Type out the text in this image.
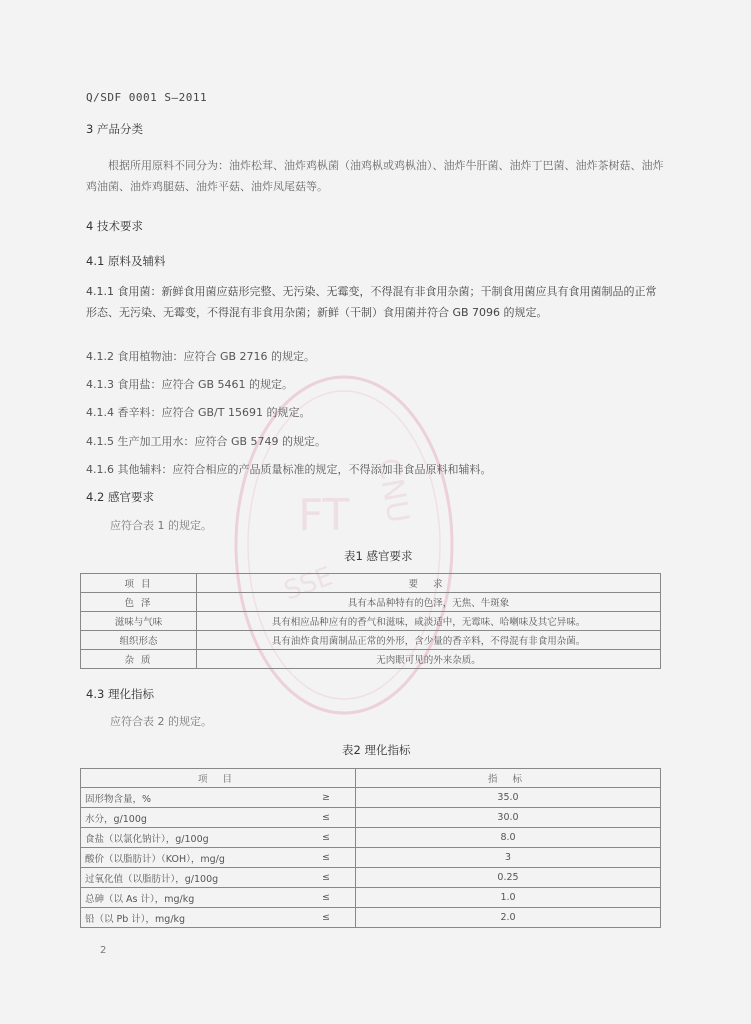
FT CNU
SSE
Q/SDF 0001 S—2011
3 产品分类
根据所用原料不同分为：油炸松茸、油炸鸡枞菌（油鸡枞或鸡枞油）、油炸牛肝菌、油炸丁巴菌、油炸茶树菇、油炸鸡油菌、油炸鸡腿菇、油炸平菇、油炸凤尾菇等。
4 技术要求
4.1 原料及辅料
4.1.1 食用菌：新鲜食用菌应菇形完整、无污染、无霉变，不得混有非食用杂菌；干制食用菌应具有食用菌制品的正常形态、无污染、无霉变，不得混有非食用杂菌；新鲜（干制）食用菌并符合 GB 7096 的规定。
4.1.2 食用植物油：应符合 GB 2716 的规定。
4.1.3 食用盐：应符合 GB 5461 的规定。
4.1.4 香辛料：应符合 GB/T 15691 的规定。
4.1.5 生产加工用水：应符合 GB 5749 的规定。
4.1.6 其他辅料：应符合相应的产品质量标准的规定，不得添加非食品原料和辅料。
4.2 感官要求
应符合表 1 的规定。
表1 感官要求
项 目	要 求
色 泽	具有本品种特有的色泽，无焦、牛斑象
滋味与气味	具有相应品种应有的香气和滋味，咸淡适中，无霉味、哈喇味及其它异味。
组织形态	具有油炸食用菌制品正常的外形，含少量的香辛料，不得混有非食用杂菌。
杂 质	无肉眼可见的外来杂质。
4.3 理化指标
应符合表 2 的规定。
表2 理化指标
项 目		指 标
固形物含量，%	≥	35.0
水分，g/100g	≤	30.0
食盐（以氯化钠计），g/100g	≤	8.0
酸价（以脂肪计）（KOH），mg/g	≤	3
过氧化值（以脂肪计），g/100g	≤	0.25
总砷（以 As 计），mg/kg	≤	1.0
铅（以 Pb 计），mg/kg	≤	2.0
2
